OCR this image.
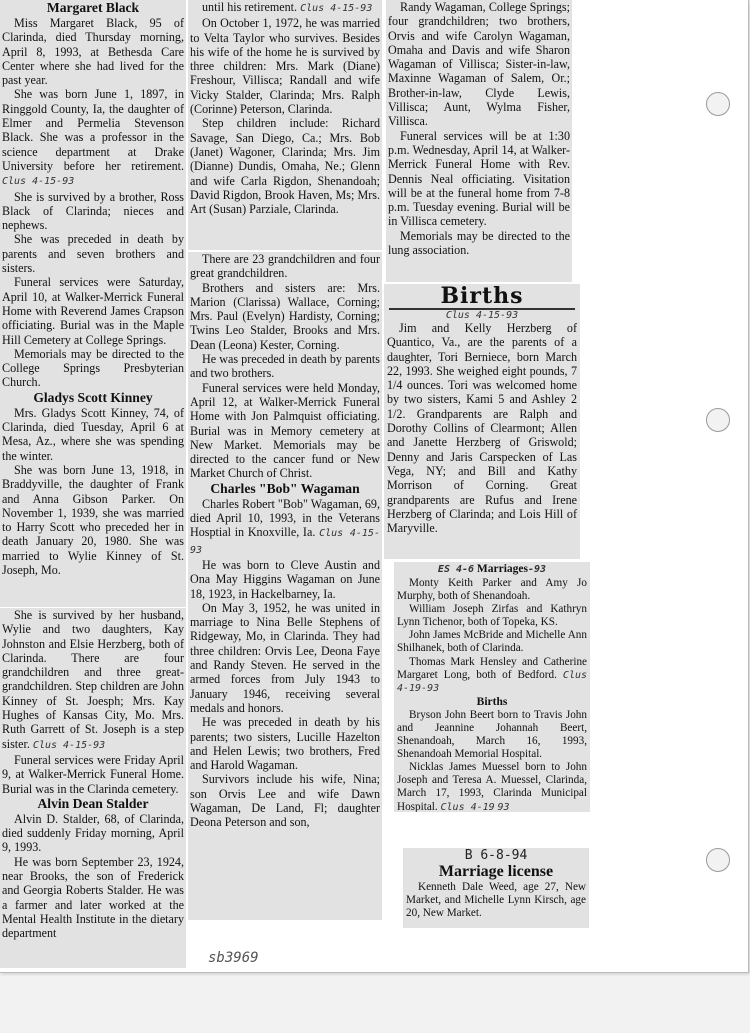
Margaret Black

Miss Margaret Black, 95 of Clarinda, died Thursday morning, April 8, 1993, at Bethesda Care Center where she had lived for the past year.

She was born June 1, 1897, in Ringgold County, Ia, the daughter of Elmer and Permelia Stevenson Black. She was a professor in the science department at Drake University before her retirement. Clus 4-15-93

She is survived by a brother, Ross Black of Clarinda; nieces and nephews.

She was preceded in death by parents and seven brothers and sisters.

Funeral services were Saturday, April 10, at Walker-Merrick Funeral Home with Reverend James Crapson officiating. Burial was in the Maple Hill Cemetery at College Springs.

Memorials may be directed to the College Springs Presbyterian Church.

Gladys Scott Kinney

Mrs. Gladys Scott Kinney, 74, of Clarinda, died Tuesday, April 6 at Mesa, Az., where she was spending the winter.

She was born June 13, 1918, in Braddyville, the daughter of Frank and Anna Gibson Parker. On November 1, 1939, she was married to Harry Scott who preceded her in death January 20, 1980. She was married to Wylie Kinney of St. Joseph, Mo.

She is survived by her husband, Wylie and two daughters, Kay Johnston and Elsie Herzberg, both of Clarinda. There are four grandchildren and three great-grandchildren. Step children are John Kinney of St. Joesph; Mrs. Kay Hughes of Kansas City, Mo. Mrs. Ruth Garrett of St. Joseph is a step sister. Clus 4-15-93

Funeral services were Friday April 9, at Walker-Merrick Funeral Home. Burial was in the Clarinda cemetery.

Alvin Dean Stalder

Alvin D. Stalder, 68, of Clarinda, died suddenly Friday morning, April 9, 1993.

He was born September 23, 1924, near Brooks, the son of Frederick and Georgia Roberts Stalder. He was a farmer and later worked at the Mental Health Institute in the dietary department

until his retirement. Clus 4-15-93

On October 1, 1972, he was married to Velta Taylor who survives. Besides his wife of the home he is survived by three children: Mrs. Mark (Diane) Freshour, Villisca; Randall and wife Vicky Stalder, Clarinda; Mrs. Ralph (Corinne) Peterson, Clarinda.

Step children include: Richard Savage, San Diego, Ca.; Mrs. Bob (Janet) Wagoner, Clarinda; Mrs. Jim (Dianne) Dundis, Omaha, Ne.; Glenn and wife Carla Rigdon, Shenandoah; David Rigdon, Brook Haven, Ms; Mrs. Art (Susan) Parziale, Clarinda.

There are 23 grandchildren and four great grandchildren.

Brothers and sisters are: Mrs. Marion (Clarissa) Wallace, Corning; Mrs. Paul (Evelyn) Hardisty, Corning; Twins Leo Stalder, Brooks and Mrs. Dean (Leona) Kester, Corning.

He was preceded in death by parents and two brothers.

Funeral services were held Monday, April 12, at Walker-Merrick Funeral Home with Jon Palmquist officiating. Burial was in Memory cemetery at New Market. Memorials may be directed to the cancer fund or New Market Church of Christ.

Charles "Bob" Wagaman

Charles Robert "Bob" Wagaman, 69, died April 10, 1993, in the Veterans Hosptial in Knoxville, Ia. Clus 4-15-93

He was born to Cleve Austin and Ona May Higgins Wagaman on June 18, 1923, in Hackelbarney, Ia.

On May 3, 1952, he was united in marriage to Nina Belle Stephens of Ridgeway, Mo, in Clarinda. They had three children: Orvis Lee, Deona Faye and Randy Steven. He served in the armed forces from July 1943 to January 1946, receiving several medals and honors.

He was preceded in death by his parents; two sisters, Lucille Hazelton and Helen Lewis; two brothers, Fred and Harold Wagaman.

Survivors include his wife, Nina; son Orvis Lee and wife Dawn Wagaman, De Land, Fl; daughter Deona Peterson and son,

Randy Wagaman, College Springs; four grandchildren; two brothers, Orvis and wife Carolyn Wagaman, Omaha and Davis and wife Sharon Wagaman of Villisca; Sister-in-law, Maxinne Wagaman of Salem, Or.; Brother-in-law, Clyde Lewis, Villisca; Aunt, Wylma Fisher, Villisca.

Funeral services will be at 1:30 p.m. Wednesday, April 14, at Walker-Merrick Funeral Home with Rev. Dennis Neal officiating. Visitation will be at the funeral home from 7-8 p.m. Tuesday evening. Burial will be in Villisca cemetery.

Memorials may be directed to the lung association.

Births
Clus 4-15-93

Jim and Kelly Herzberg of Quantico, Va., are the parents of a daughter, Tori Berniece, born March 22, 1993. She weighed eight pounds, 7 1/4 ounces. Tori was welcomed home by two sisters, Kami 5 and Ashley 2 1/2. Grandparents are Ralph and Dorothy Collins of Clearmont; Allen and Janette Herzberg of Griswold; Denny and Jaris Carspecken of Las Vega, NY; and Bill and Kathy Morrison of Corning. Great grandparents are Rufus and Irene Herzberg of Clarinda; and Lois Hill of Maryville.

ES 4-6 Marriages-93

Monty Keith Parker and Amy Jo Murphy, both of Shenandoah.

William Joseph Zirfas and Kathryn Lynn Tichenor, both of Topeka, KS.

John James McBride and Michelle Ann Shilhanek, both of Clarinda.

Thomas Mark Hensley and Catherine Margaret Long, both of Bedford. Clus 4-19-93

Births

Bryson John Beert born to Travis John and Jeannine Johannah Beert, Shenandoah, March 16, 1993, Shenandoah Memorial Hospital.

Nicklas James Muessel born to John Joseph and Teresa A. Muessel, Clarinda, March 17, 1993, Clarinda Municipal Hospital. Clus 4-19 93

B 6-8-94
Marriage license

Kenneth Dale Weed, age 27, New Market, and Michelle Lynn Kirsch, age 20, New Market.

sb3969
